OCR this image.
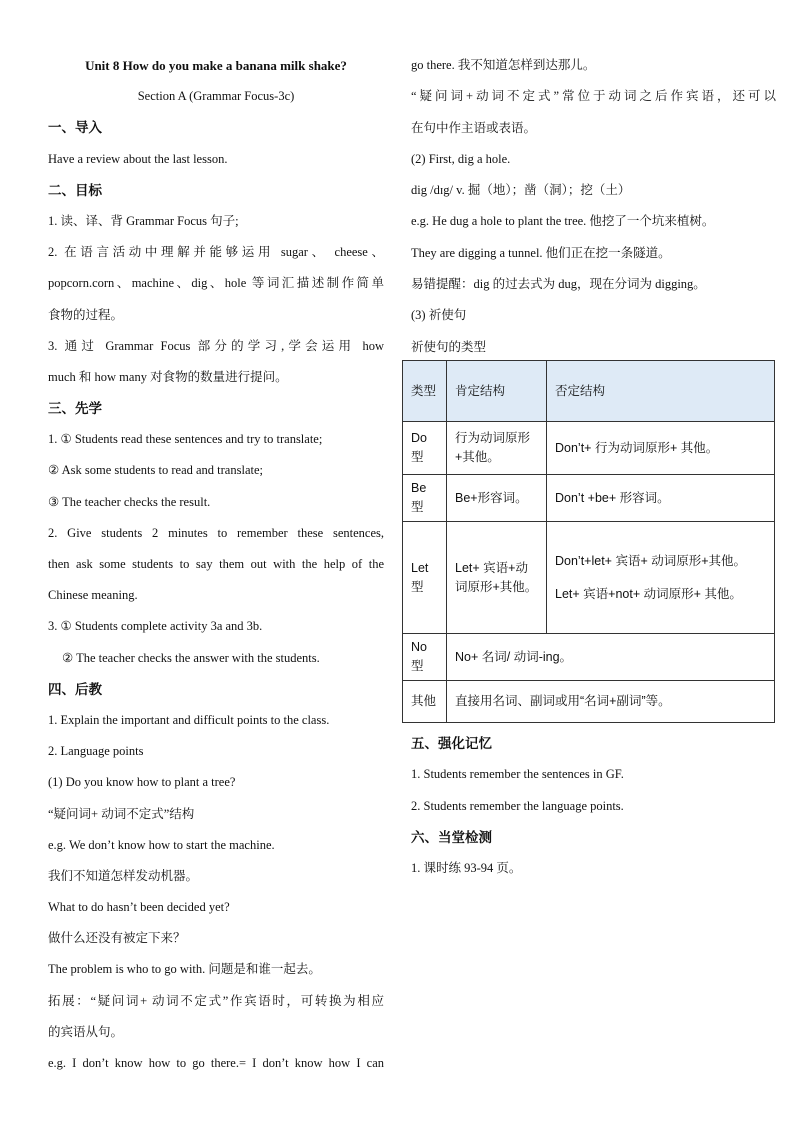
Unit 8 How do you make a banana milk shake?
Section A (Grammar Focus-3c)
一、导入
Have a review about the last lesson.
二、目标
1. 读、译、背 Grammar Focus 句子;
2. 在语言活动中理解并能够运用 sugar、 cheese、
popcorn.corn、machine、dig、hole 等词汇描述制作简单
食物的过程。
3. 通过 Grammar Focus 部分的学习,学会运用 how
much 和 how many 对食物的数量进行提问。
三、先学
1. ① Students read these sentences and try to translate;
② Ask some students to read and translate;
③ The teacher checks the result.
2. Give students 2 minutes to remember these sentences,
then ask some students to say them out with the help of the
Chinese meaning.
3. ① Students complete activity 3a and 3b.
② The teacher checks the answer with the students.
四、后教
1. Explain the important and difficult points to the class.
2. Language points
(1) Do you know how to plant a tree?
“疑问词+ 动词不定式”结构
e.g. We don’t know how to start the machine.
我们不知道怎样发动机器。
What to do hasn’t been decided yet?
做什么还没有被定下来？
The problem is who to go with. 问题是和谁一起去。
拓展：“疑问词+ 动词不定式”作宾语时，可转换为相应
的宾语从句。
e.g. I don’t know how to go there.= I don’t know how I can
go there. 我不知道怎样到达那儿。
“疑问词+动词不定式”常位于动词之后作宾语，还可以
在句中作主语或表语。
(2) First, dig a hole.
dig /dɪg/ v. 掘（地）；凿（洞）；挖（土）
e.g. He dug a hole to plant the tree. 他挖了一个坑来植树。
They are digging a tunnel. 他们正在挖一条隧道。
易错提醒：dig 的过去式为 dug，现在分词为 digging。
(3) 祈使句
祈使句的类型
类型	肯定结构	否定结构
Do 型	行为动词原形+其他。	Don’t+ 行为动词原形+ 其他。
Be 型	Be+形容词。	Don’t +be+ 形容词。
Let 型	Let+ 宾语+动词原形+其他。	Don’t+let+ 宾语+ 动词原形+其他。
Let+ 宾语+not+ 动词原形+ 其他。
No 型	No+ 名词/ 动词-ing。	
其他	直接用名词、副词或用“名词+副词”等。	
五、强化记忆
1. Students remember the sentences in GF.
2. Students remember the language points.
六、当堂检测
1. 课时练 93-94 页。
